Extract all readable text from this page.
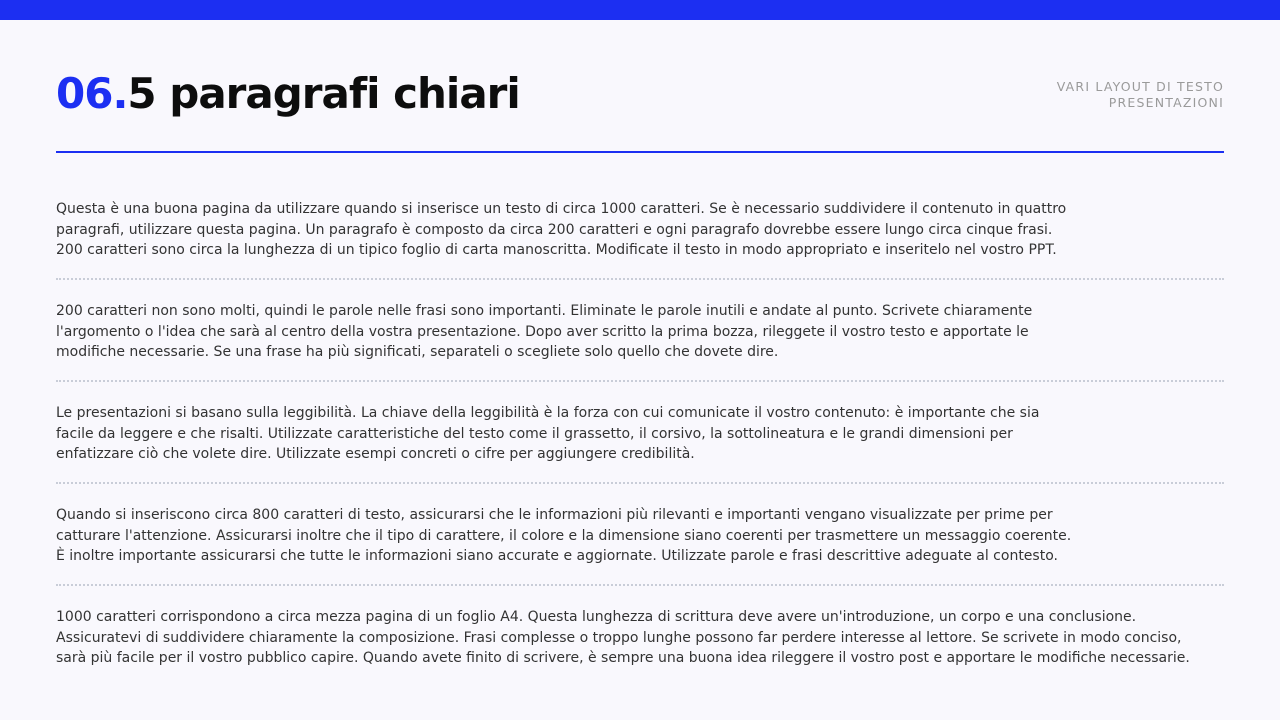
06.5 paragrafi chiari	VARI LAYOUT DI TESTO
PRESENTAZIONI

Questa è una buona pagina da utilizzare quando si inserisce un testo di circa 1000 caratteri. Se è necessario suddividere il contenuto in quattro
paragrafi, utilizzare questa pagina. Un paragrafo è composto da circa 200 caratteri e ogni paragrafo dovrebbe essere lungo circa cinque frasi.
200 caratteri sono circa la lunghezza di un tipico foglio di carta manoscritta. Modificate il testo in modo appropriato e inseritelo nel vostro PPT.

200 caratteri non sono molti, quindi le parole nelle frasi sono importanti. Eliminate le parole inutili e andate al punto. Scrivete chiaramente
l'argomento o l'idea che sarà al centro della vostra presentazione. Dopo aver scritto la prima bozza, rileggete il vostro testo e apportate le
modifiche necessarie. Se una frase ha più significati, separateli o scegliete solo quello che dovete dire.

Le presentazioni si basano sulla leggibilità. La chiave della leggibilità è la forza con cui comunicate il vostro contenuto: è importante che sia
facile da leggere e che risalti. Utilizzate caratteristiche del testo come il grassetto, il corsivo, la sottolineatura e le grandi dimensioni per
enfatizzare ciò che volete dire. Utilizzate esempi concreti o cifre per aggiungere credibilità.

Quando si inseriscono circa 800 caratteri di testo, assicurarsi che le informazioni più rilevanti e importanti vengano visualizzate per prime per
catturare l'attenzione. Assicurarsi inoltre che il tipo di carattere, il colore e la dimensione siano coerenti per trasmettere un messaggio coerente.
È inoltre importante assicurarsi che tutte le informazioni siano accurate e aggiornate. Utilizzate parole e frasi descrittive adeguate al contesto.

1000 caratteri corrispondono a circa mezza pagina di un foglio A4. Questa lunghezza di scrittura deve avere un'introduzione, un corpo e una conclusione.
Assicuratevi di suddividere chiaramente la composizione. Frasi complesse o troppo lunghe possono far perdere interesse al lettore. Se scrivete in modo conciso,
sarà più facile per il vostro pubblico capire. Quando avete finito di scrivere, è sempre una buona idea rileggere il vostro post e apportare le modifiche necessarie.
